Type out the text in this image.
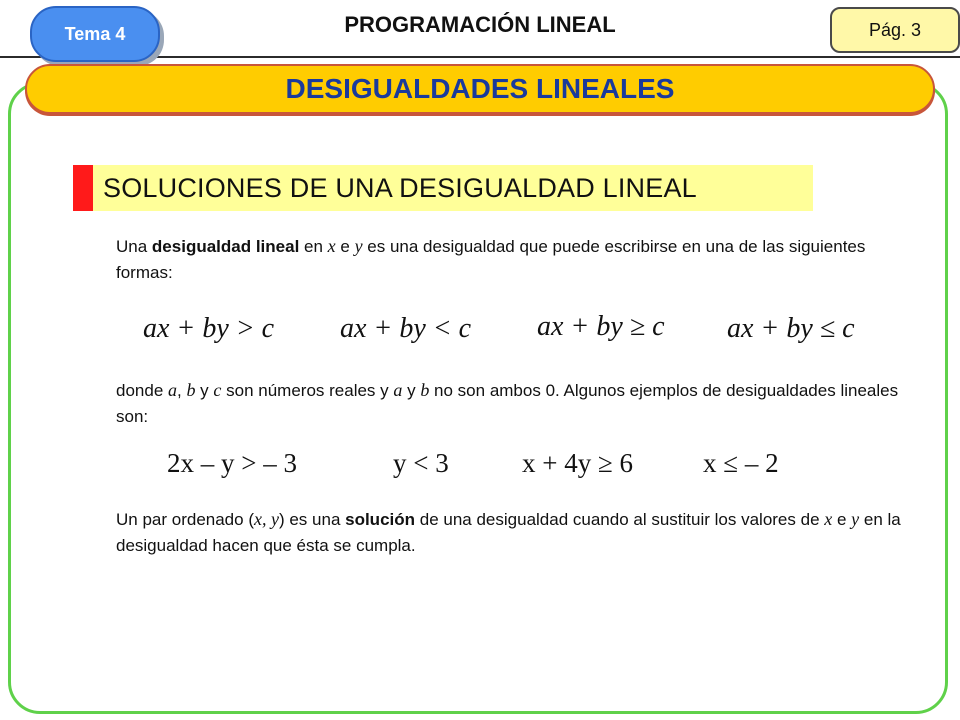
PROGRAMACIÓN LINEAL
Tema 4	Pág. 3
DESIGUALDADES LINEALES
SOLUCIONES DE UNA DESIGUALDAD LINEAL
Una desigualdad lineal en x e y es una desigualdad que puede escribirse en una de las siguientes formas:
ax + by > c ax + by < c ax + by ≥ c ax + by ≤ c
donde a, b y c son números reales y a y b no son ambos 0. Algunos ejemplos de desigualdades lineales son:
2x – y > – 3	y < 3	x + 4y ≥ 6	x ≤ – 2
Un par ordenado (x, y) es una solución de una desigualdad cuando al sustituir los valores de x e y en la desigualdad hacen que ésta se cumpla.
